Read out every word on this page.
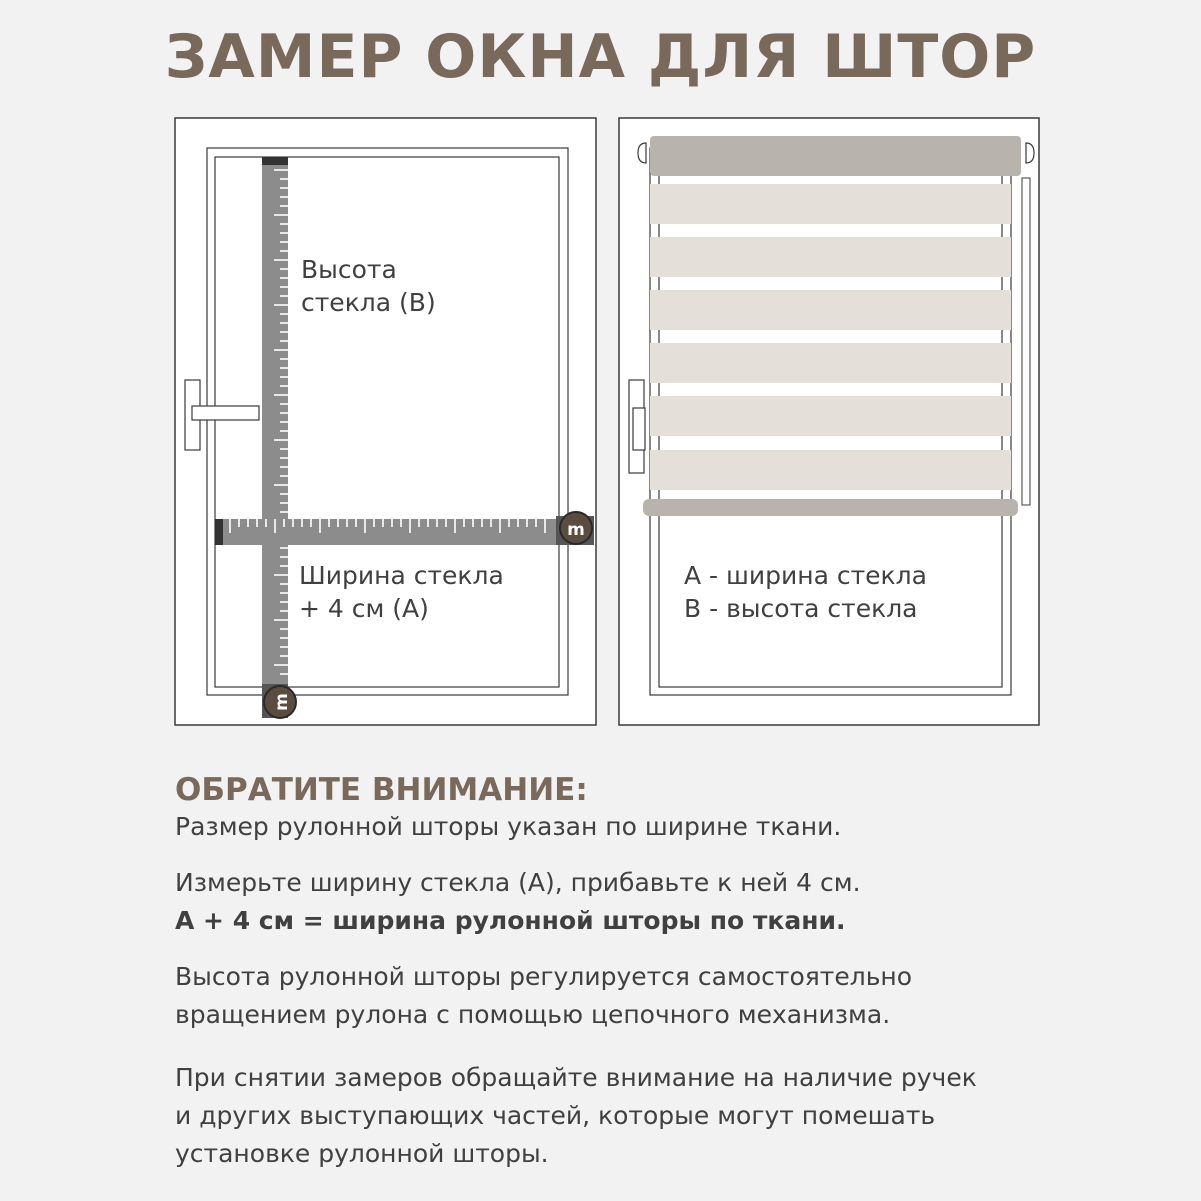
ЗАМЕР ОКНА ДЛЯ ШТОР
m
m
Высота
стекла (B)
Ширина стекла
+ 4 см (A)
A - ширина стекла
B - высота стекла
ОБРАТИТЕ ВНИМАНИЕ:
Размер рулонной шторы указан по ширине ткани.
Измерьте ширину стекла (A), прибавьте к ней 4 см.
A + 4 см = ширина рулонной шторы по ткани.
Высота рулонной шторы регулируется самостоятельно
вращением рулона с помощью цепочного механизма.
При снятии замеров обращайте внимание на наличие ручек
и других выступающих частей, которые могут помешать
установке рулонной шторы.
